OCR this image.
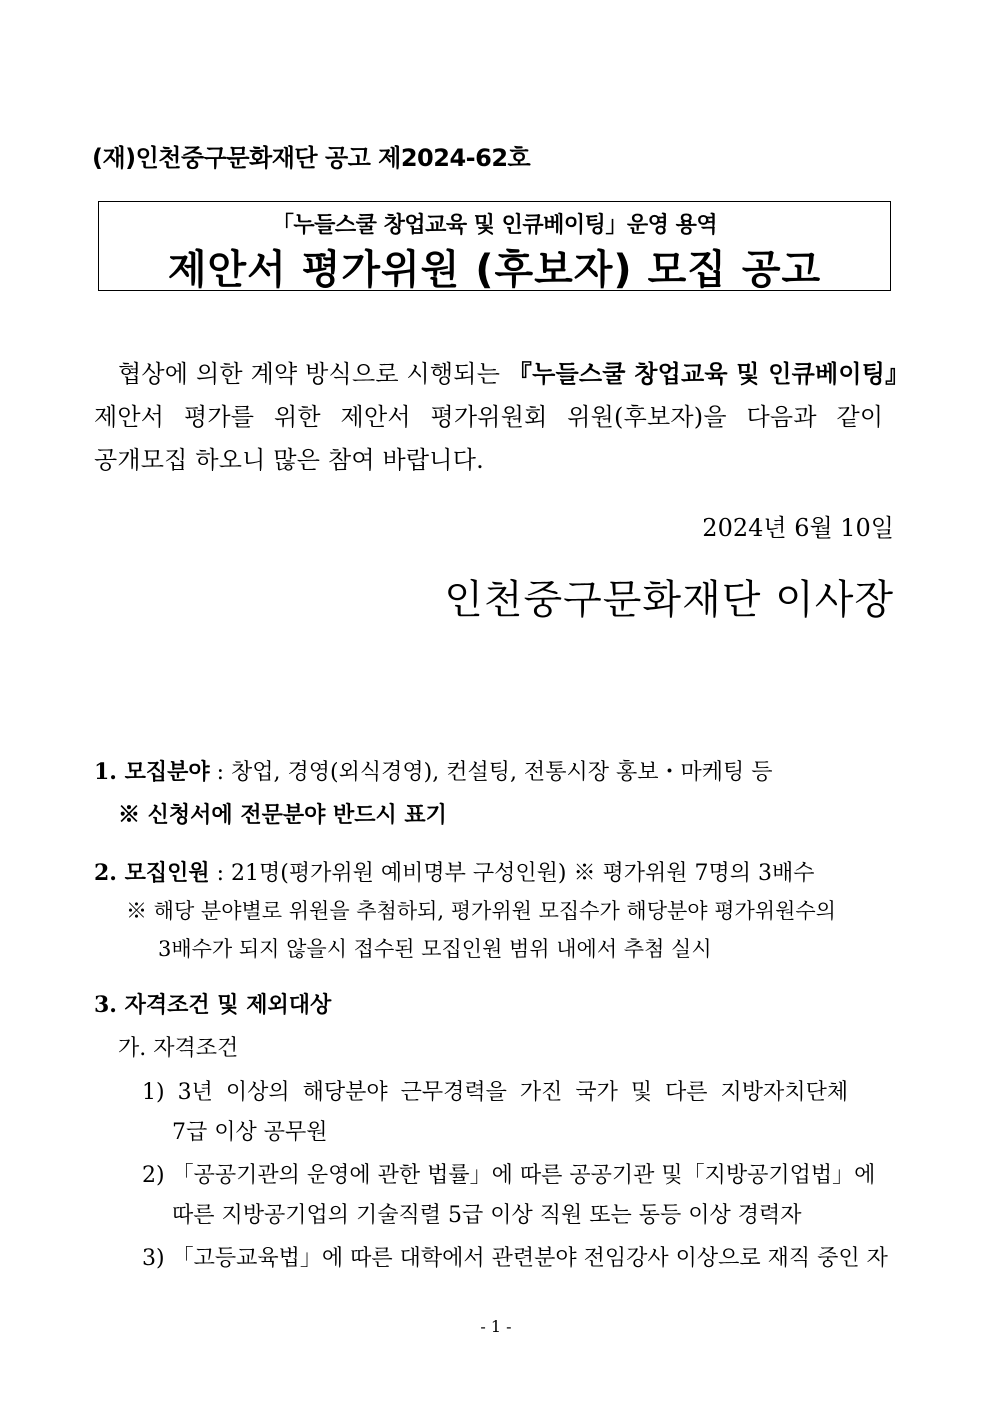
(재)인천중구문화재단 공고 제2024-62호
「누들스쿨 창업교육 및 인큐베이팅」운영 용역
제안서 평가위원 (후보자) 모집 공고
협상에 의한 계약 방식으로 시행되는 『누들스쿨 창업교육 및 인큐베이팅』
제안서 평가를 위한 제안서 평가위원회 위원(후보자)을 다음과 같이
공개모집 하오니 많은 참여 바랍니다.
2024년 6월 10일
인천중구문화재단 이사장
1. 모집분야 : 창업, 경영(외식경영), 컨설팅, 전통시장 홍보・마케팅 등
※ 신청서에 전문분야 반드시 표기
2. 모집인원 : 21명(평가위원 예비명부 구성인원) ※ 평가위원 7명의 3배수
※ 해당 분야별로 위원을 추첨하되, 평가위원 모집수가 해당분야 평가위원수의
3배수가 되지 않을시 접수된 모집인원 범위 내에서 추첨 실시
3. 자격조건 및 제외대상
가. 자격조건
1) 3년 이상의 해당분야 근무경력을 가진 국가 및 다른 지방자치단체
7급 이상 공무원
2) 「공공기관의 운영에 관한 법률」에 따른 공공기관 및「지방공기업법」에
따른 지방공기업의 기술직렬 5급 이상 직원 또는 동등 이상 경력자
3) 「고등교육법」에 따른 대학에서 관련분야 전임강사 이상으로 재직 중인 자
- 1 -
